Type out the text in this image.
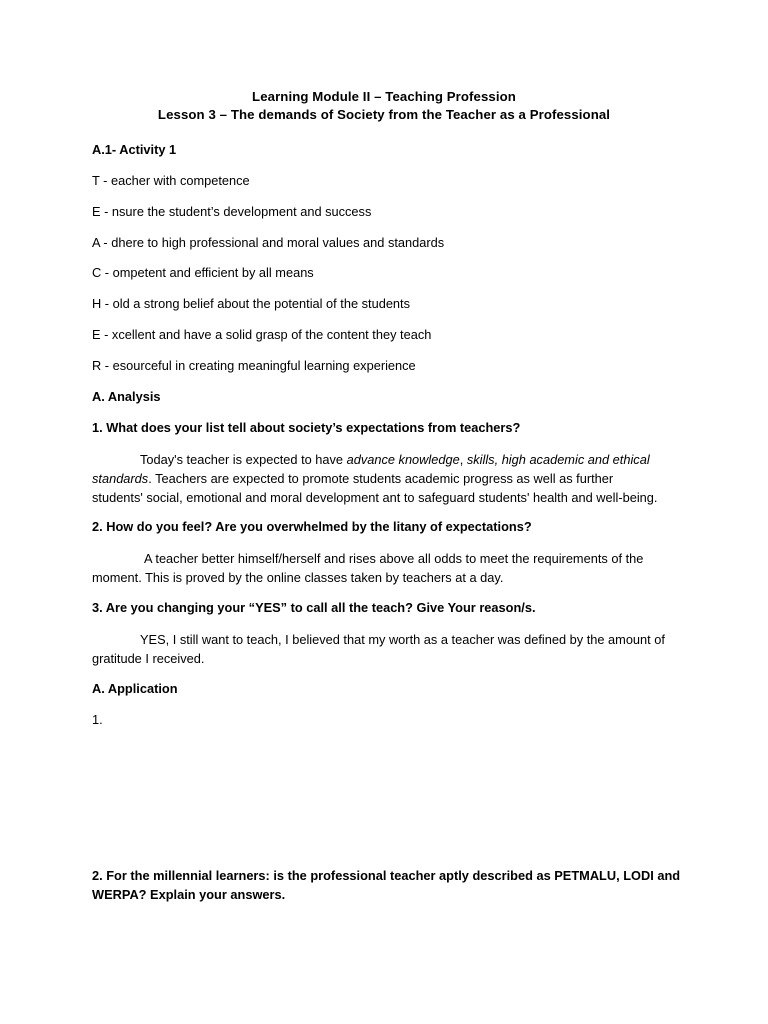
Learning Module II – Teaching Profession
Lesson 3 – The demands of Society from the Teacher as a Professional
A.1- Activity 1
T - eacher with competence
E - nsure the student’s development and success
A - dhere to high professional and moral values and standards
C - ompetent and efficient by all means
H - old a strong belief about the potential of the students
E - xcellent and have a solid grasp of the content they teach
R - esourceful in creating meaningful learning experience
A. Analysis
1. What does your list tell about society’s expectations from teachers?
Today's teacher is expected to have advance knowledge, skills, high academic and ethical
standards. Teachers are expected to promote students academic progress as well as further
students' social, emotional and moral development ant to safeguard students' health and well-being.
2. How do you feel? Are you overwhelmed by the litany of expectations?
A teacher better himself/herself and rises above all odds to meet the requirements of the
moment. This is proved by the online classes taken by teachers at a day.
3. Are you changing your “YES” to call all the teach? Give Your reason/s.
YES, I still want to teach, I believed that my worth as a teacher was defined by the amount of
gratitude I received.
A. Application
1.
2. For the millennial learners: is the professional teacher aptly described as PETMALU, LODI and
WERPA? Explain your answers.
